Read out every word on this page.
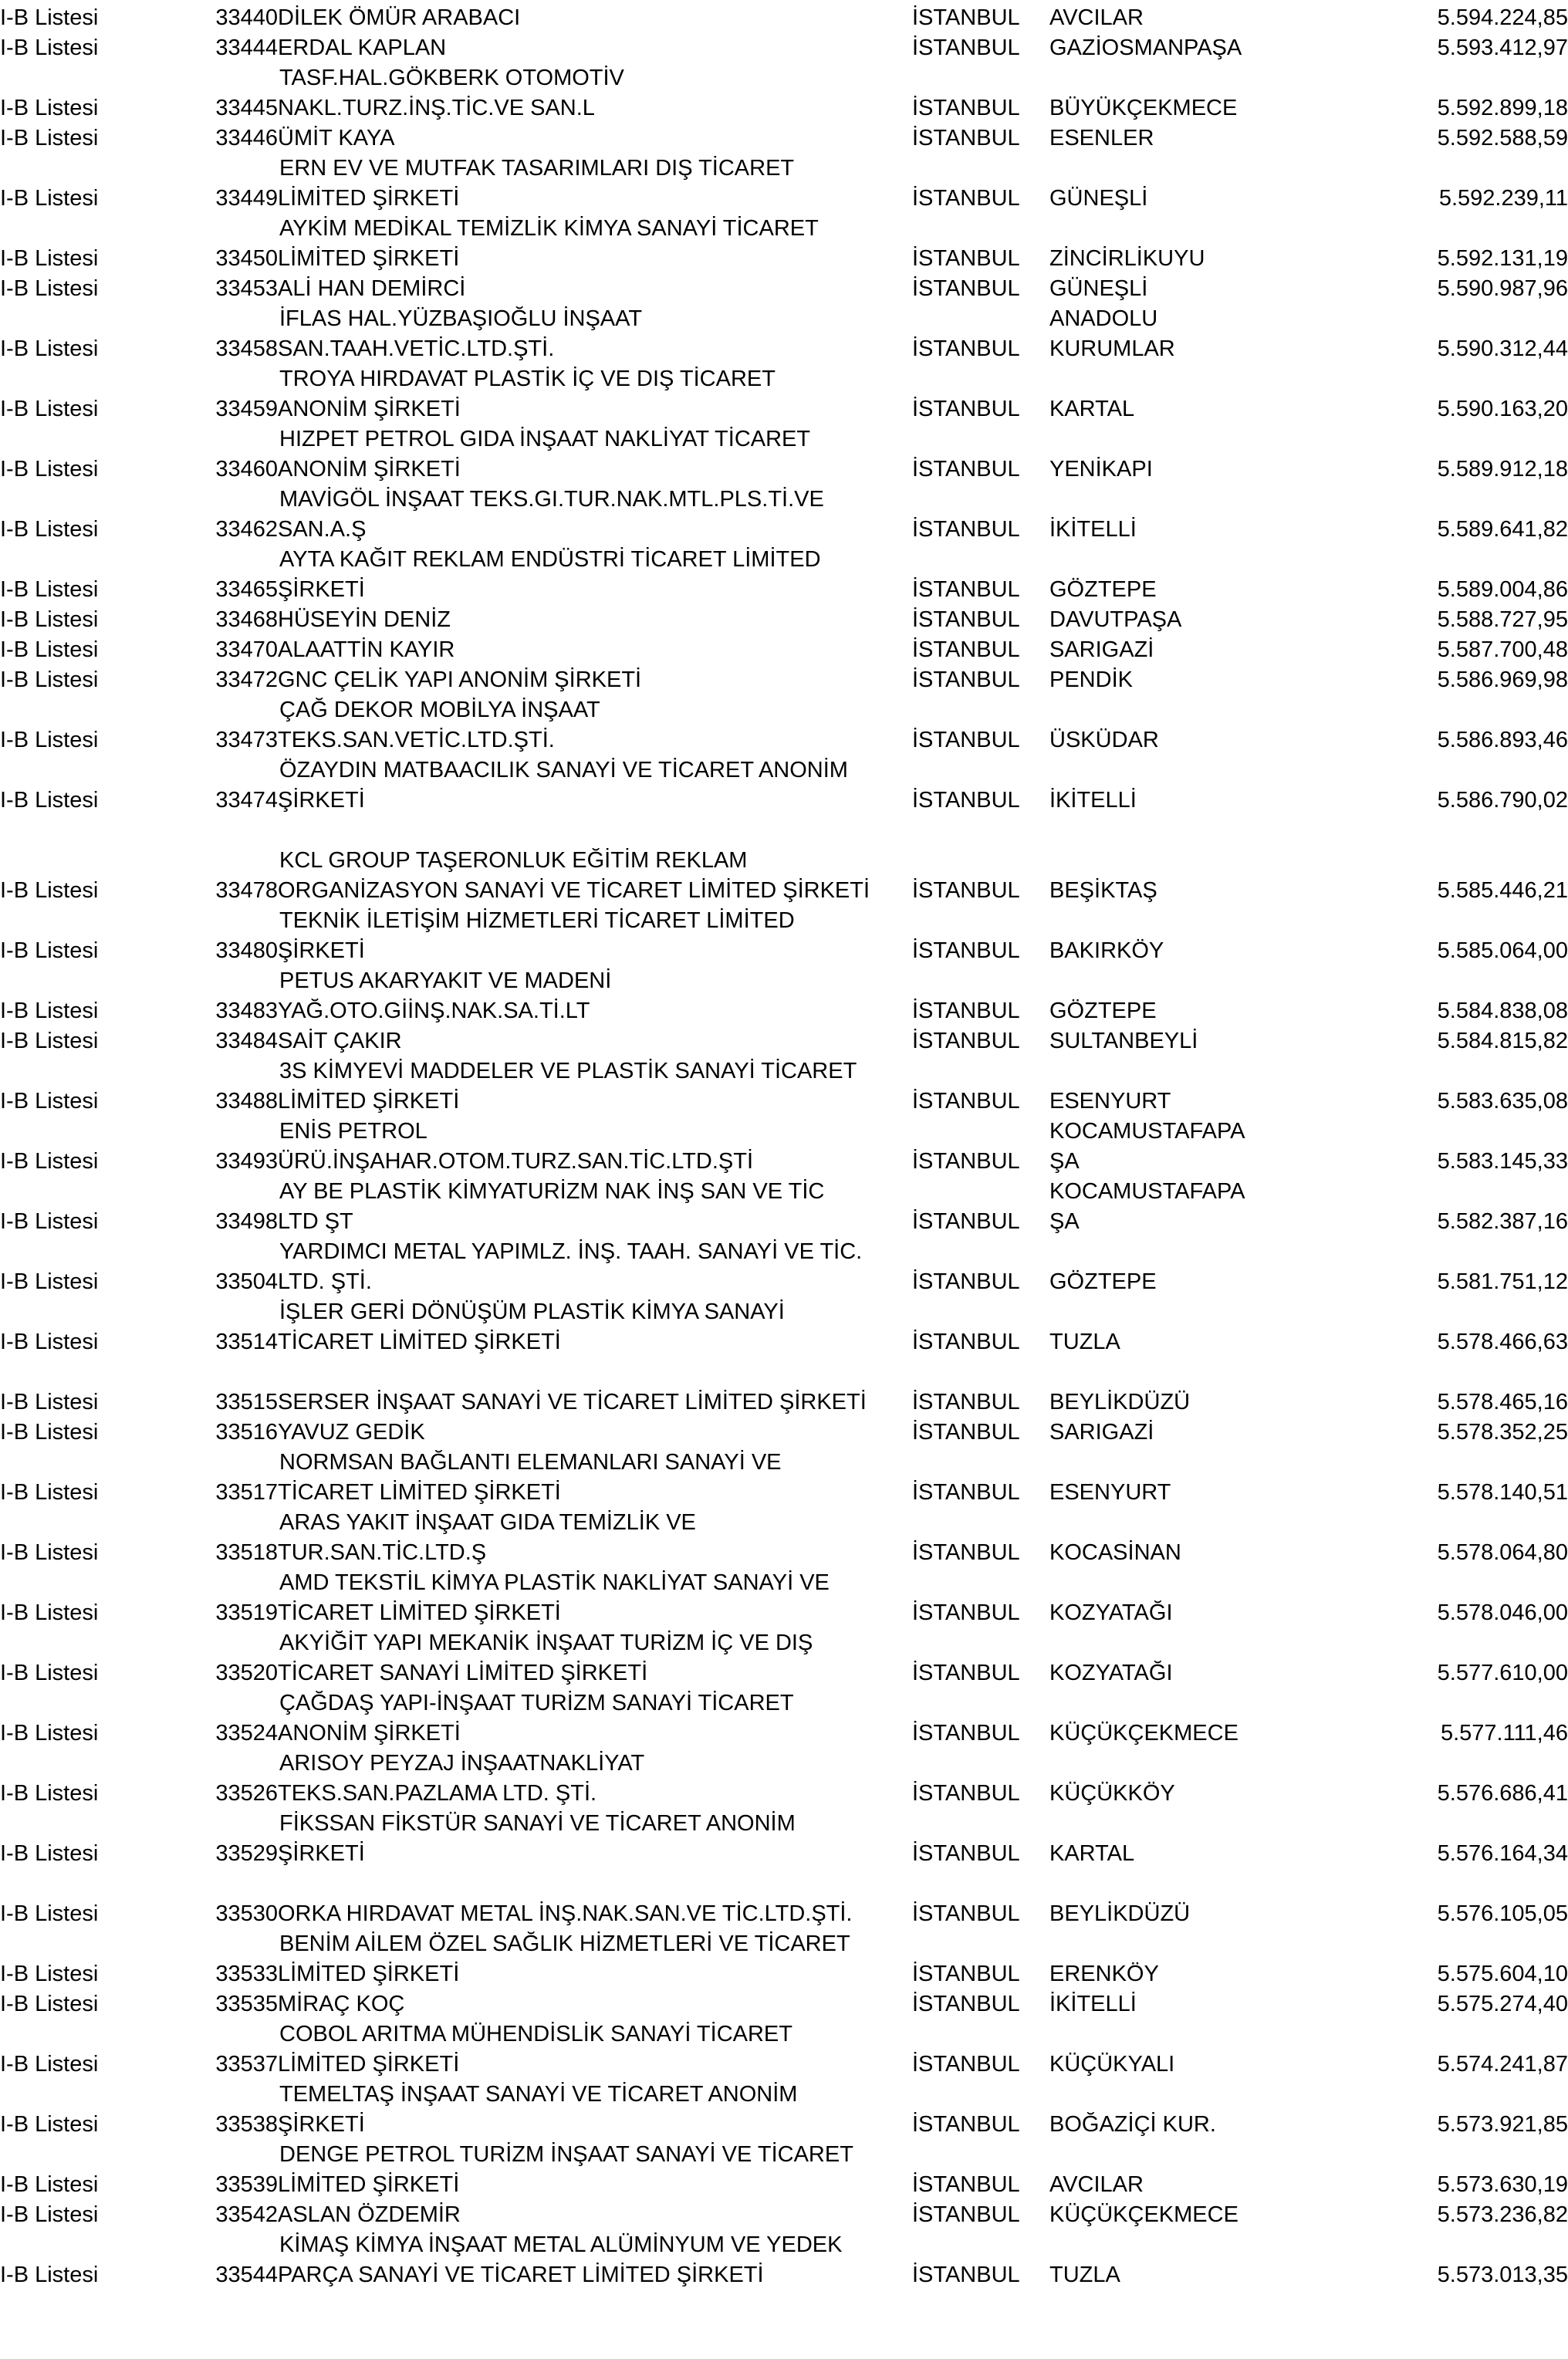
I-B Listesi	33440	DİLEK ÖMÜR ARABACI	İSTANBUL	AVCILAR	5.594.224,85

I-B Listesi	33444	ERDAL KAPLAN	İSTANBUL	GAZİOSMANPAŞA	5.593.412,97

I-B Listesi	33445	TASF.HAL.GÖKBERK OTOMOTİV
NAKL.TURZ.İNŞ.TİC.VE SAN.L	İSTANBUL	BÜYÜKÇEKMECE	5.592.899,18

I-B Listesi	33446	ÜMİT KAYA	İSTANBUL	ESENLER	5.592.588,59

I-B Listesi	33449	ERN EV VE MUTFAK TASARIMLARI DIŞ TİCARET
LİMİTED ŞİRKETİ	İSTANBUL	GÜNEŞLİ	5.592.239,11

I-B Listesi	33450	AYKİM MEDİKAL TEMİZLİK KİMYA SANAYİ TİCARET
LİMİTED ŞİRKETİ	İSTANBUL	ZİNCİRLİKUYU	5.592.131,19

I-B Listesi	33453	ALİ HAN DEMİRCİ	İSTANBUL	GÜNEŞLİ	5.590.987,96

I-B Listesi	33458	İFLAS HAL.YÜZBAŞIOĞLU İNŞAAT
SAN.TAAH.VETİC.LTD.ŞTİ.	İSTANBUL	ANADOLU
KURUMLAR	5.590.312,44

I-B Listesi	33459	TROYA HIRDAVAT PLASTİK İÇ VE DIŞ TİCARET
ANONİM ŞİRKETİ	İSTANBUL	KARTAL	5.590.163,20

I-B Listesi	33460	HIZPET PETROL GIDA İNŞAAT NAKLİYAT TİCARET
ANONİM ŞİRKETİ	İSTANBUL	YENİKAPI	5.589.912,18

I-B Listesi	33462	MAVİGÖL İNŞAAT TEKS.GI.TUR.NAK.MTL.PLS.Tİ.VE
SAN.A.Ş	İSTANBUL	İKİTELLİ	5.589.641,82

I-B Listesi	33465	AYTA KAĞIT REKLAM ENDÜSTRİ TİCARET LİMİTED
ŞİRKETİ	İSTANBUL	GÖZTEPE	5.589.004,86

I-B Listesi	33468	HÜSEYİN DENİZ	İSTANBUL	DAVUTPAŞA	5.588.727,95

I-B Listesi	33470	ALAATTİN KAYIR	İSTANBUL	SARIGAZİ	5.587.700,48

I-B Listesi	33472	GNC ÇELİK YAPI ANONİM ŞİRKETİ	İSTANBUL	PENDİK	5.586.969,98

I-B Listesi	33473	ÇAĞ DEKOR MOBİLYA İNŞAAT
TEKS.SAN.VETİC.LTD.ŞTİ.	İSTANBUL	ÜSKÜDAR	5.586.893,46

I-B Listesi	33474	ÖZAYDIN MATBAACILIK SANAYİ VE TİCARET ANONİM
ŞİRKETİ	İSTANBUL	İKİTELLİ	5.586.790,02

I-B Listesi	33478	KCL GROUP TAŞERONLUK EĞİTİM REKLAM
ORGANİZASYON SANAYİ VE TİCARET LİMİTED ŞİRKETİ	İSTANBUL	BEŞİKTAŞ	5.585.446,21

I-B Listesi	33480	TEKNİK İLETİŞİM HİZMETLERİ TİCARET LİMİTED
ŞİRKETİ	İSTANBUL	BAKIRKÖY	5.585.064,00

I-B Listesi	33483	PETUS AKARYAKIT VE MADENİ
YAĞ.OTO.GİİNŞ.NAK.SA.Tİ.LT	İSTANBUL	GÖZTEPE	5.584.838,08

I-B Listesi	33484	SAİT ÇAKIR	İSTANBUL	SULTANBEYLİ	5.584.815,82

I-B Listesi	33488	3S KİMYEVİ MADDELER VE PLASTİK SANAYİ TİCARET
LİMİTED ŞİRKETİ	İSTANBUL	ESENYURT	5.583.635,08

I-B Listesi	33493	ENİS PETROL
ÜRÜ.İNŞAHAR.OTOM.TURZ.SAN.TİC.LTD.ŞTİ	İSTANBUL	KOCAMUSTAFAPA
ŞA	5.583.145,33

I-B Listesi	33498	AY BE PLASTİK KİMYATURİZM NAK İNŞ SAN VE TİC
LTD ŞT	İSTANBUL	KOCAMUSTAFAPA
ŞA	5.582.387,16

I-B Listesi	33504	YARDIMCI METAL YAPIMLZ. İNŞ. TAAH. SANAYİ VE TİC.
LTD. ŞTİ.	İSTANBUL	GÖZTEPE	5.581.751,12

I-B Listesi	33514	İŞLER GERİ DÖNÜŞÜM PLASTİK KİMYA SANAYİ
TİCARET LİMİTED ŞİRKETİ	İSTANBUL	TUZLA	5.578.466,63

I-B Listesi	33515	SERSER İNŞAAT SANAYİ VE TİCARET LİMİTED ŞİRKETİ	İSTANBUL	BEYLİKDÜZÜ	5.578.465,16

I-B Listesi	33516	YAVUZ GEDİK	İSTANBUL	SARIGAZİ	5.578.352,25

I-B Listesi	33517	NORMSAN BAĞLANTI ELEMANLARI SANAYİ VE
TİCARET LİMİTED ŞİRKETİ	İSTANBUL	ESENYURT	5.578.140,51

I-B Listesi	33518	ARAS YAKIT İNŞAAT GIDA TEMİZLİK VE
TUR.SAN.TİC.LTD.Ş	İSTANBUL	KOCASİNAN	5.578.064,80

I-B Listesi	33519	AMD TEKSTİL KİMYA PLASTİK NAKLİYAT SANAYİ VE
TİCARET LİMİTED ŞİRKETİ	İSTANBUL	KOZYATAĞI	5.578.046,00

I-B Listesi	33520	AKYİĞİT YAPI MEKANİK İNŞAAT TURİZM İÇ VE DIŞ
TİCARET SANAYİ LİMİTED ŞİRKETİ	İSTANBUL	KOZYATAĞI	5.577.610,00

I-B Listesi	33524	ÇAĞDAŞ YAPI-İNŞAAT TURİZM SANAYİ TİCARET
ANONİM ŞİRKETİ	İSTANBUL	KÜÇÜKÇEKMECE	5.577.111,46

I-B Listesi	33526	ARISOY PEYZAJ İNŞAATNAKLİYAT
TEKS.SAN.PAZLAMA LTD. ŞTİ.	İSTANBUL	KÜÇÜKKÖY	5.576.686,41

I-B Listesi	33529	FİKSSAN FİKSTÜR SANAYİ VE TİCARET ANONİM
ŞİRKETİ	İSTANBUL	KARTAL	5.576.164,34

I-B Listesi	33530	ORKA HIRDAVAT METAL İNŞ.NAK.SAN.VE TİC.LTD.ŞTİ.	İSTANBUL	BEYLİKDÜZÜ	5.576.105,05

I-B Listesi	33533	BENİM AİLEM ÖZEL SAĞLIK HİZMETLERİ VE TİCARET
LİMİTED ŞİRKETİ	İSTANBUL	ERENKÖY	5.575.604,10

I-B Listesi	33535	MİRAÇ KOÇ	İSTANBUL	İKİTELLİ	5.575.274,40

I-B Listesi	33537	COBOL ARITMA MÜHENDİSLİK SANAYİ TİCARET
LİMİTED ŞİRKETİ	İSTANBUL	KÜÇÜKYALI	5.574.241,87

I-B Listesi	33538	TEMELTAŞ İNŞAAT SANAYİ VE TİCARET ANONİM
ŞİRKETİ	İSTANBUL	BOĞAZİÇİ KUR.	5.573.921,85

I-B Listesi	33539	DENGE PETROL TURİZM İNŞAAT SANAYİ VE TİCARET
LİMİTED ŞİRKETİ	İSTANBUL	AVCILAR	5.573.630,19

I-B Listesi	33542	ASLAN ÖZDEMİR	İSTANBUL	KÜÇÜKÇEKMECE	5.573.236,82

I-B Listesi	33544	KİMAŞ KİMYA İNŞAAT METAL ALÜMİNYUM VE YEDEK
PARÇA SANAYİ VE TİCARET LİMİTED ŞİRKETİ	İSTANBUL	TUZLA	5.573.013,35
